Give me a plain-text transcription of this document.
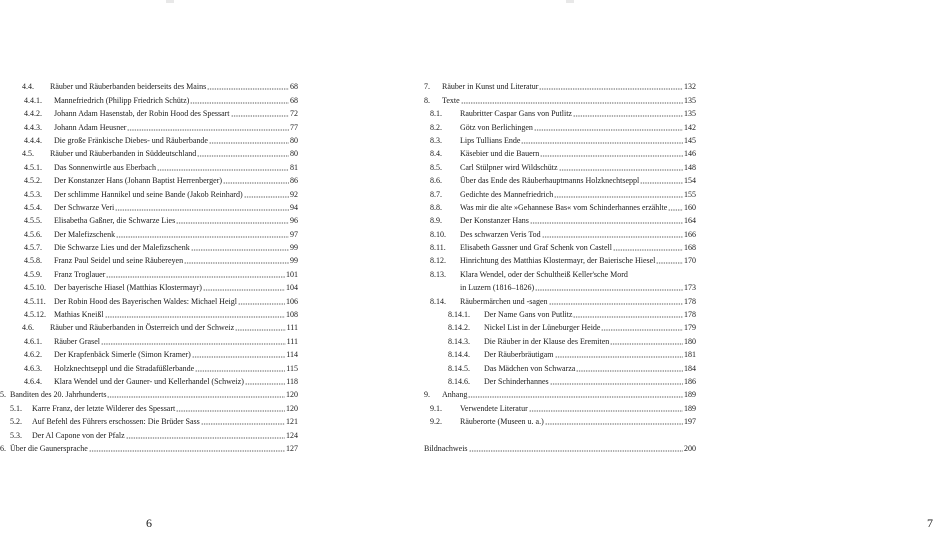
4.4.	Räuber und Räuberbanden beiderseits des Mains	68
4.4.1.	Mannefriedrich (Philipp Friedrich Schütz)	68
4.4.2.	Johann Adam Hasenstab, der Robin Hood des Spessart	72
4.4.3.	Johann Adam Heusner	77
4.4.4.	Die große Fränkische Diebes- und Räuberbande	80
4.5.	Räuber und Räuberbanden in Süddeutschland	80
4.5.1.	Das Sonnenwirtle aus Eberbach	81
4.5.2.	Der Konstanzer Hans (Johann Baptist Herrenberger)	86
4.5.3.	Der schlimme Hannikel und seine Bande (Jakob Reinhard)	92
4.5.4.	Der Schwarze Veri	94
4.5.5.	Elisabetha Gaßner, die Schwarze Lies	96
4.5.6.	Der Malefizschenk	97
4.5.7.	Die Schwarze Lies und der Malefizschenk	99
4.5.8.	Franz Paul Seidel und seine Räubereyen	99
4.5.9.	Franz Troglauer	101
4.5.10.	Der bayerische Hiasel (Matthias Klostermayr)	104
4.5.11.	Der Robin Hood des Bayerischen Waldes: Michael Heigl	106
4.5.12.	Mathias Kneißl	108
4.6.	Räuber und Räuberbanden in Österreich und der Schweiz	111
4.6.1.	Räuber Grasel	111
4.6.2.	Der Krapfenbäck Simerle (Simon Kramer)	114
4.6.3.	Holzknechtseppl und die Stradafüßlerbande	115
4.6.4.	Klara Wendel und der Gauner- und Kellerhandel (Schweiz)	118
5. Banditen des 20. Jahrhunderts	120
5.1.	Karre Franz, der letzte Wilderer des Spessart	120
5.2.	Auf Befehl des Führers erschossen: Die Brüder Sass	121
5.3.	Der Al Capone von der Pfalz	124
6. Über die Gaunersprache	127
6	7
7.	Räuber in Kunst und Literatur	132
8.	Texte	135
8.1.	Raubritter Caspar Gans von Putlitz	135
8.2.	Götz von Berlichingen	142
8.3.	Lips Tullians Ende	145
8.4.	Käsebier und die Bauern	146
8.5.	Carl Stülpner wird Wildschütz	148
8.6.	Über das Ende des Räuberhauptmanns Holzknechtseppl	154
8.7.	Gedichte des Mannefriedrich	155
8.8.	Was mir die alte »Gehannese Bas« vom Schinderhannes erzählte 160
8.9.	Der Konstanzer Hans	164
8.10.	Des schwarzen Veris Tod	166
8.11.	Elisabeth Gassner und Graf Schenk von Castell	168
8.12.	Hinrichtung des Matthias Klostermayr, der Baierische Hiesel	170
8.13.	Klara Wendel, oder der Schultheiß Keller'sche Mord
in Luzern (1816–1826)	173
8.14.	Räubermärchen und -sagen	178
8.14.1.	Der Name Gans von Putlitz	178
8.14.2.	Nickel List in der Lüneburger Heide	179
8.14.3.	Die Räuber in der Klause des Eremiten	180
8.14.4.	Der Räuberbräutigam	181
8.14.5.	Das Mädchen von Schwarza	184
8.14.6.	Der Schinderhannes	186
9.	Anhang	189
9.1.	Verwendete Literatur	189
9.2.	Räuberorte (Museen u. a.)	197
Bildnachweis	200
